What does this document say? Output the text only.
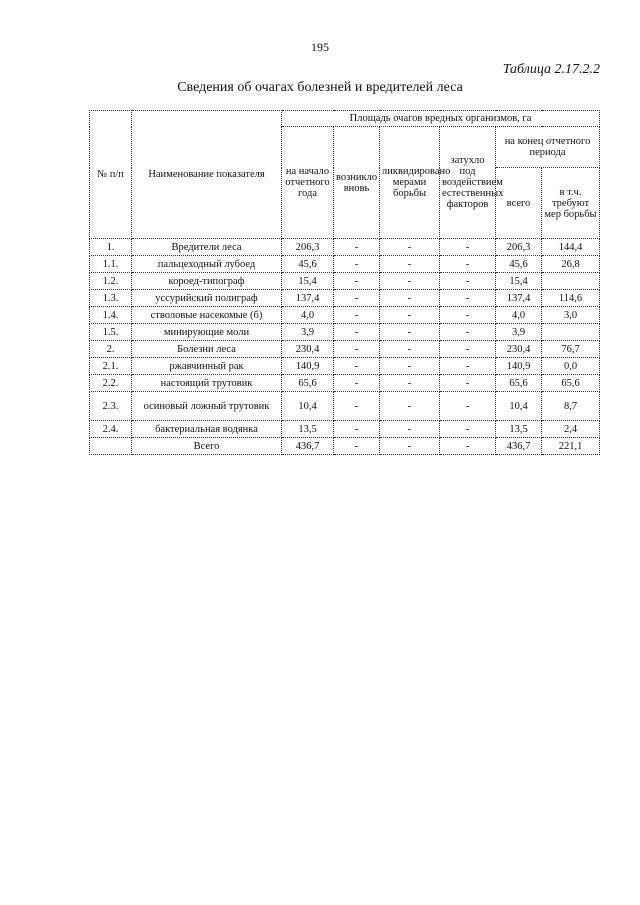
195
Таблица 2.17.2.2
Сведения об очагах болезней и вредителей леса
№ п/п	Наименование показателя	Площадь очагов вредных организмов, га					
		на начало отчетного года	возникло вновь	ликвидировано мерами борьбы	затухло под воздействием естественных факторов	на конец отчетного периода	
						всего	в т.ч. требуют мер борьбы
1.	Вредители леса	206,3	-	-	-	206,3	144,4
1.1.	пальцеходный лубоед	45,6	-	-	-	45,6	26,8
1.2.	короед-типограф	15,4	-	-	-	15,4	
1.3.	уссурийский полиграф	137,4	-	-	-	137,4	114,6
1.4.	стволовые насекомые (б)	4,0	-	-	-	4,0	3,0
1.5.	минирующие моли	3,9	-	-	-	3,9	
2.	Болезни леса	230,4	-	-	-	230,4	76,7
2.1.	ржавчинный рак	140,9	-	-	-	140,9	0,0
2.2.	настоящий трутовик	65,6	-	-	-	65,6	65,6
2.3.	осиновый ложный трутовик	10,4	-	-	-	10,4	8,7
2.4.	бактериальная водянка	13,5	-	-	-	13,5	2,4
	Всего	436,7	-	-	-	436,7	221,1
